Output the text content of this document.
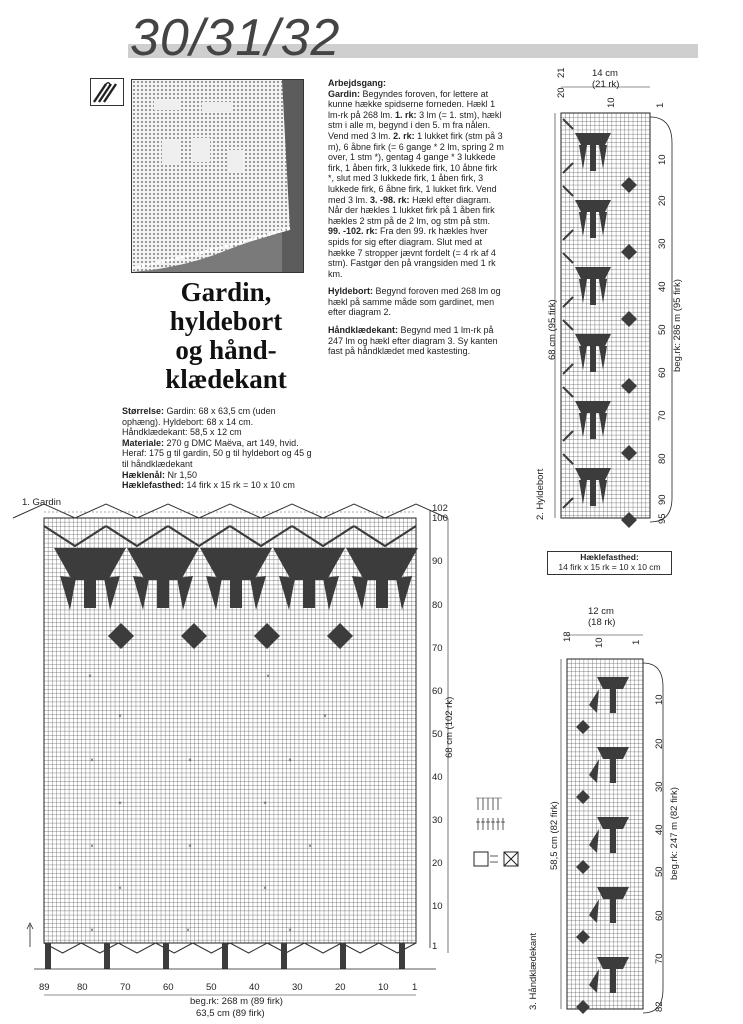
30/31/32
Gardin,
hyldebort
og hånd-
klædekant
Størrelse: Gardin: 68 x 63,5 cm (uden ophæng). Hyldebort: 68 x 14 cm. Håndklædekant: 58,5 x 12 cm
Materiale: 270 g DMC Maëva, art 149, hvid. Heraf: 175 g til gardin, 50 g til hyldebort og 45 g til håndklædekant
Hæklenål: Nr 1,50
Hæklefasthed: 14 firk x 15 rk = 10 x 10 cm
Arbejdsgang:

Gardin: Begyndes foroven, for lettere at kunne hække spidserne forneden. Hækl 1 lm-rk på 268 lm. 1. rk: 3 lm (= 1. stm), hækl stm i alle m, begynd i den 5. m fra nålen. Vend med 3 lm. 2. rk: 1 lukket firk (stm på 3 m), 6 åbne firk (= 6 gange * 2 lm, spring 2 m over, 1 stm *), gentag 4 gange * 3 lukkede firk, 1 åben firk, 3 lukkede firk, 10 åbne firk *, slut med 3 lukkede firk, 1 åben firk, 3 lukkede firk, 6 åbne firk, 1 lukket firk. Vend med 3 lm. 3. -98. rk: Hækl efter diagram. Når der hækles 1 lukket firk på 1 åben firk hækles 2 stm på de 2 lm, og stm på stm. 99. -102. rk: Fra den 99. rk hækles hver spids for sig efter diagram. Slut med at hække 7 stropper jævnt fordelt (= 4 rk af 4 stm). Fastgør den på vrangsiden med 1 rk km.

Hyldebort: Begynd foroven med 268 lm og hækl på samme måde som gardinet, men efter diagram 2.

Håndklædekant: Begynd med 1 lm-rk på 247 lm og hækl efter diagram 3. Sy kanten fast på håndklædet med kastesting.

1. Gardin
×	×
×	×
×	×	×
×	×
×	×	×
×	×
×	×	×
102
100
90
80
70
60
50
40
30
20
10
1
89	80	70	60	50	40	30	20	10 1
beg.rk: 268 m (89 firk)
63,5 cm (89 firk)
68 cm (102 rk)
2. Hyldebort
14 cm
(21 rk)
20
21
10	1
10
20
30
40
50
60
70
80
90
95
68 cm (95 firk)	beg.rk: 286 m (95 firk)
Hæklefasthed:
14 firk x 15 rk = 10 x 10 cm
3. Håndklædekant
12 cm
(18 rk)
18
10	1
10
20
30
40
50
60
70
82
58,5 cm (82 firk)	beg.rk: 247 m (82 firk)
